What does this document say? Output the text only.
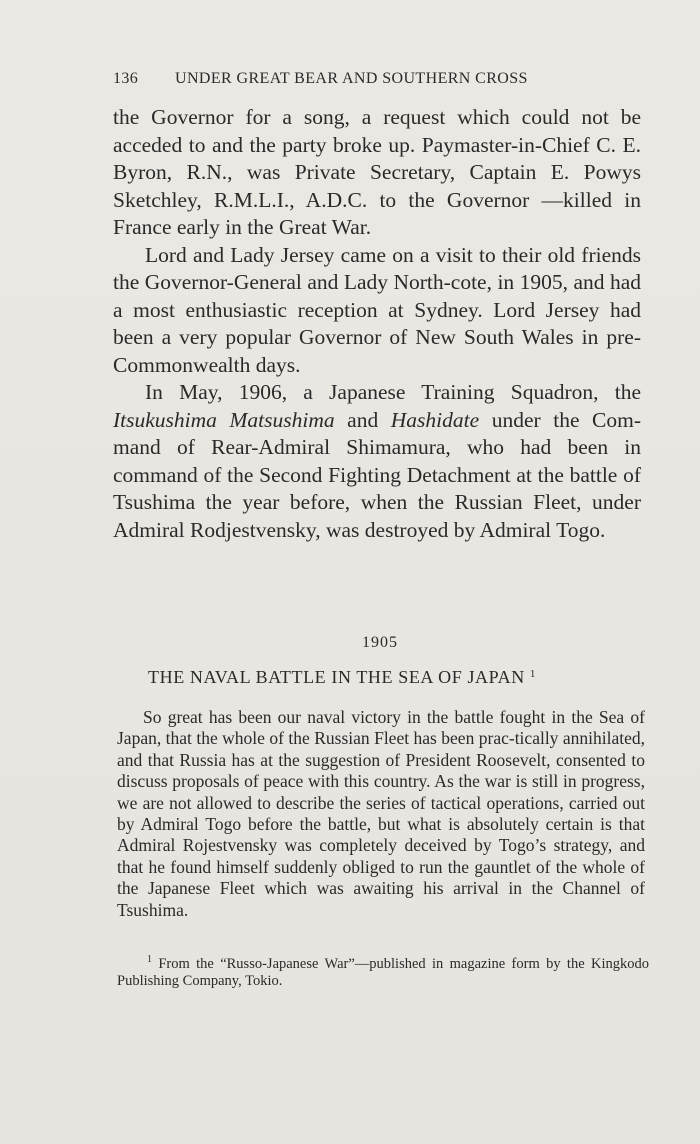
136 UNDER GREAT BEAR AND SOUTHERN CROSS

the Governor for a song, a request which could not be acceded to and the party broke up. Paymaster-in-Chief C. E. Byron, R.N., was Private Secretary, Captain E. Powys Sketchley, R.M.L.I., A.D.C. to the Governor —killed in France early in the Great War.

Lord and Lady Jersey came on a visit to their old friends the Governor-General and Lady North-cote, in 1905, and had a most enthusiastic reception at Sydney. Lord Jersey had been a very popular Governor of New South Wales in pre-Commonwealth days.

In May, 1906, a Japanese Training Squadron, the Itsukushima Matsushima and Hashidate under the Com-mand of Rear-Admiral Shimamura, who had been in command of the Second Fighting Detachment at the battle of Tsushima the year before, when the Russian Fleet, under Admiral Rodjestvensky, was destroyed by Admiral Togo.

1905
THE NAVAL BATTLE IN THE SEA OF JAPAN $^1$

So great has been our naval victory in the battle fought in the Sea of Japan, that the whole of the Russian Fleet has been prac-tically annihilated, and that Russia has at the suggestion of President Roosevelt, consented to discuss proposals of peace with this country. As the war is still in progress, we are not allowed to describe the series of tactical operations, carried out by Admiral Togo before the battle, but what is absolutely certain is that Admiral Rojestvensky was completely deceived by Togo’s strategy, and that he found himself suddenly obliged to run the gauntlet of the whole of the Japanese Fleet which was awaiting his arrival in the Channel of Tsushima.

$^1$ From the “Russo-Japanese War”—published in magazine form by the Kingkodo Publishing Company, Tokio.
